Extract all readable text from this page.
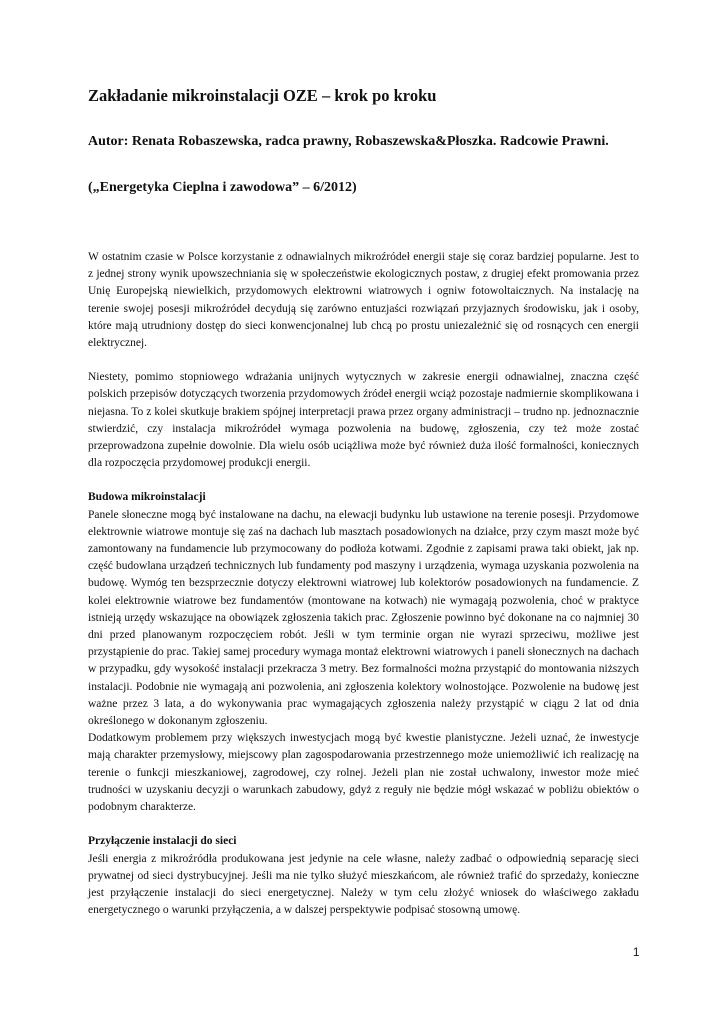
Zakładanie mikroinstalacji OZE – krok po kroku
Autor: Renata Robaszewska, radca prawny, Robaszewska&Płoszka. Radcowie Prawni.
(„Energetyka Cieplna i zawodowa” – 6/2012)

W ostatnim czasie w Polsce korzystanie z odnawialnych mikroźródeł energii staje się coraz bardziej popularne. Jest to z jednej strony wynik upowszechniania się w społeczeństwie ekologicznych postaw, z drugiej efekt promowania przez Unię Europejską niewielkich, przydomowych elektrowni wiatrowych i ogniw fotowoltaicznych. Na instalację na terenie swojej posesji mikroźródeł decydują się zarówno entuzjaści rozwiązań przyjaznych środowisku, jak i osoby, które mają utrudniony dostęp do sieci konwencjonalnej lub chcą po prostu uniezależnić się od rosnących cen energii elektrycznej.

Niestety, pomimo stopniowego wdrażania unijnych wytycznych w zakresie energii odnawialnej, znaczna część polskich przepisów dotyczących tworzenia przydomowych źródeł energii wciąż pozostaje nadmiernie skomplikowana i niejasna. To z kolei skutkuje brakiem spójnej interpretacji prawa przez organy administracji – trudno np. jednoznacznie stwierdzić, czy instalacja mikroźródeł wymaga pozwolenia na budowę, zgłoszenia, czy też może zostać przeprowadzona zupełnie dowolnie. Dla wielu osób uciążliwa może być również duża ilość formalności, koniecznych dla rozpoczęcia przydomowej produkcji energii.

Budowa mikroinstalacji

Panele słoneczne mogą być instalowane na dachu, na elewacji budynku lub ustawione na terenie posesji. Przydomowe elektrownie wiatrowe montuje się zaś na dachach lub masztach posadowionych na działce, przy czym maszt może być zamontowany na fundamencie lub przymocowany do podłoża kotwami. Zgodnie z zapisami prawa taki obiekt, jak np. część budowlana urządzeń technicznych lub fundamenty pod maszyny i urządzenia, wymaga uzyskania pozwolenia na budowę. Wymóg ten bezsprzecznie dotyczy elektrowni wiatrowej lub kolektorów posadowionych na fundamencie. Z kolei elektrownie wiatrowe bez fundamentów (montowane na kotwach) nie wymagają pozwolenia, choć w praktyce istnieją urzędy wskazujące na obowiązek zgłoszenia takich prac. Zgłoszenie powinno być dokonane na co najmniej 30 dni przed planowanym rozpoczęciem robót. Jeśli w tym terminie organ nie wyrazi sprzeciwu, możliwe jest przystąpienie do prac. Takiej samej procedury wymaga montaż elektrowni wiatrowych i paneli słonecznych na dachach w przypadku, gdy wysokość instalacji przekracza 3 metry. Bez formalności można przystąpić do montowania niższych instalacji. Podobnie nie wymagają ani pozwolenia, ani zgłoszenia kolektory wolnostojące. Pozwolenie na budowę jest ważne przez 3 lata, a do wykonywania prac wymagających zgłoszenia należy przystąpić w ciągu 2 lat od dnia określonego w dokonanym zgłoszeniu.

Dodatkowym problemem przy większych inwestycjach mogą być kwestie planistyczne. Jeżeli uznać, że inwestycje mają charakter przemysłowy, miejscowy plan zagospodarowania przestrzennego może uniemożliwić ich realizację na terenie o funkcji mieszkaniowej, zagrodowej, czy rolnej. Jeżeli plan nie został uchwalony, inwestor może mieć trudności w uzyskaniu decyzji o warunkach zabudowy, gdyż z reguły nie będzie mógł wskazać w pobliżu obiektów o podobnym charakterze.

Przyłączenie instalacji do sieci

Jeśli energia z mikroźródła produkowana jest jedynie na cele własne, należy zadbać o odpowiednią separację sieci prywatnej od sieci dystrybucyjnej. Jeśli ma nie tylko służyć mieszkańcom, ale również trafić do sprzedaży, konieczne jest przyłączenie instalacji do sieci energetycznej. Należy w tym celu złożyć wniosek do właściwego zakładu energetycznego o warunki przyłączenia, a w dalszej perspektywie podpisać stosowną umowę.

1
